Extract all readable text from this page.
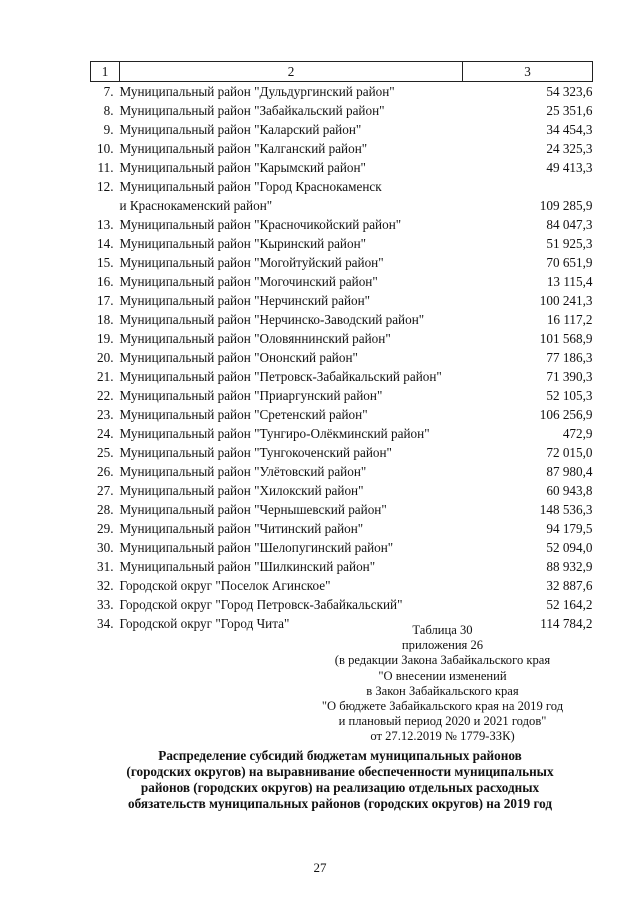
1	2	3
7.	Муниципальный район "Дульдургинский район"	54 323,6
8.	Муниципальный район "Забайкальский район"	25 351,6
9.	Муниципальный район "Каларский район"	34 454,3
10.	Муниципальный район "Калганский район"	24 325,3
11.	Муниципальный район "Карымский район"	49 413,3
12.	Муниципальный район "Город Краснокаменск
и Краснокаменский район"	109 285,9
13.	Муниципальный район "Красночикойский район"	84 047,3
14.	Муниципальный район "Кыринский район"	51 925,3
15.	Муниципальный район "Могойтуйский район"	70 651,9
16.	Муниципальный район "Могочинский район"	13 115,4
17.	Муниципальный район "Нерчинский район"	100 241,3
18.	Муниципальный район "Нерчинско-Заводский район"	16 117,2
19.	Муниципальный район "Оловяннинский район"	101 568,9
20.	Муниципальный район "Ононский район"	77 186,3
21.	Муниципальный район "Петровск-Забайкальский район"	71 390,3
22.	Муниципальный район "Приаргунский район"	52 105,3
23.	Муниципальный район "Сретенский район"	106 256,9
24.	Муниципальный район "Тунгиро-Олёкминский район"	472,9
25.	Муниципальный район "Тунгокоченский район"	72 015,0
26.	Муниципальный район "Улётовский район"	87 980,4
27.	Муниципальный район "Хилокский район"	60 943,8
28.	Муниципальный район "Чернышевский район"	148 536,3
29.	Муниципальный район "Читинский район"	94 179,5
30.	Муниципальный район "Шелопугинский район"	52 094,0
31.	Муниципальный район "Шилкинский район"	88 932,9
32.	Городской округ "Поселок Агинское"	32 887,6
33.	Городской округ "Город Петровск-Забайкальский"	52 164,2
34.	Городской округ "Город Чита"	114 784,2
Таблица 30
приложения 26
(в редакции Закона Забайкальского края
"О внесении изменений
в Закон Забайкальского края
"О бюджете Забайкальского края на 2019 год
и плановый период 2020 и 2021 годов"
от 27.12.2019 № 1779-ЗЗК)
Распределение субсидий бюджетам муниципальных районов
(городских округов) на выравнивание обеспеченности муниципальных
районов (городских округов) на реализацию отдельных расходных
обязательств муниципальных районов (городских округов) на 2019 год
27
